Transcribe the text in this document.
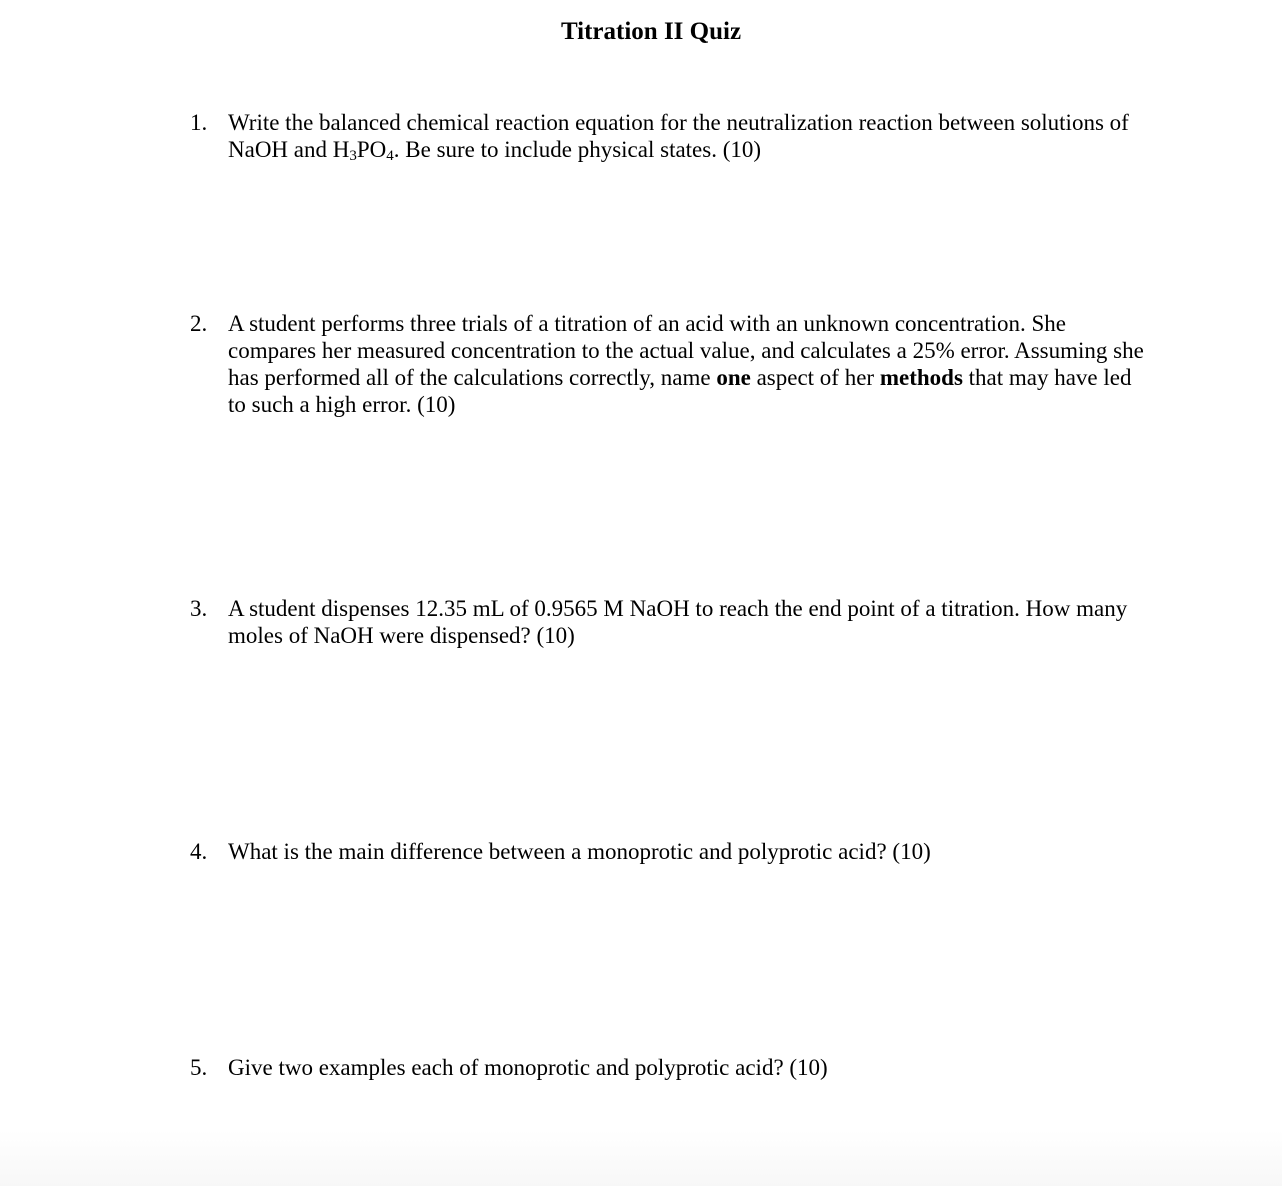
Titration II Quiz
1. Write the balanced chemical reaction equation for the neutralization reaction between solutions of NaOH and $H_3PO_4$. Be sure to include physical states. (10)
2. A student performs three trials of a titration of an acid with an unknown concentration. She compares her measured concentration to the actual value, and calculates a 25% error. Assuming she has performed all of the calculations correctly, name one aspect of her methods that may have led to such a high error. (10)
3. A student dispenses 12.35 mL of 0.9565 M NaOH to reach the end point of a titration. How many moles of NaOH were dispensed? (10)
4. What is the main difference between a monoprotic and polyprotic acid? (10)
5. Give two examples each of monoprotic and polyprotic acid? (10)
